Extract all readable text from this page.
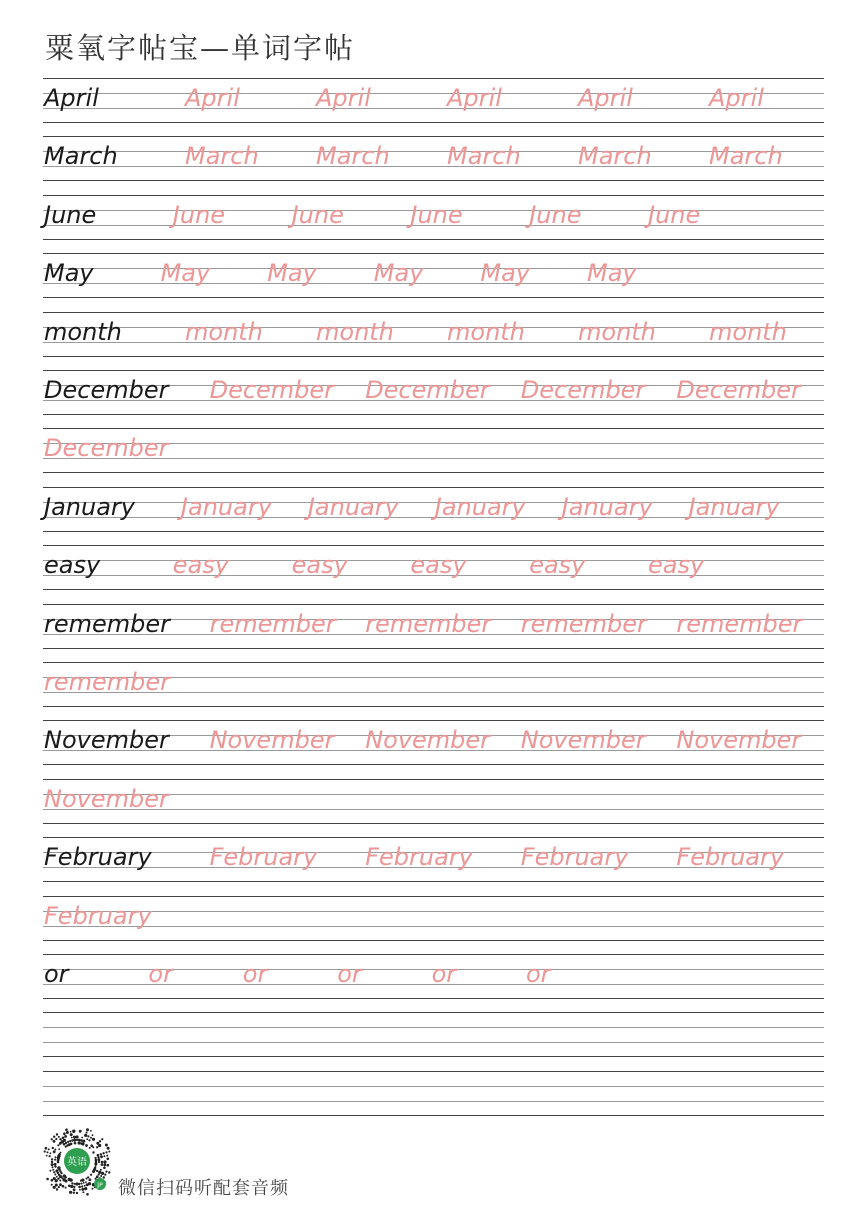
粟氧字帖宝—单词字帖
April	April	April	April	April	April
March	March March March March March
June	June	June	June	June	June
May	May May May May May
month	month month month month month
December December December December December
December
January January January January January January
easy	easy	easy	easy	easy	easy
remember remember remember remember remember
remember
November November November November November
November
February February February February February
February
or	or	or	or	or	or
英语
JP 微信扫码听配套音频
